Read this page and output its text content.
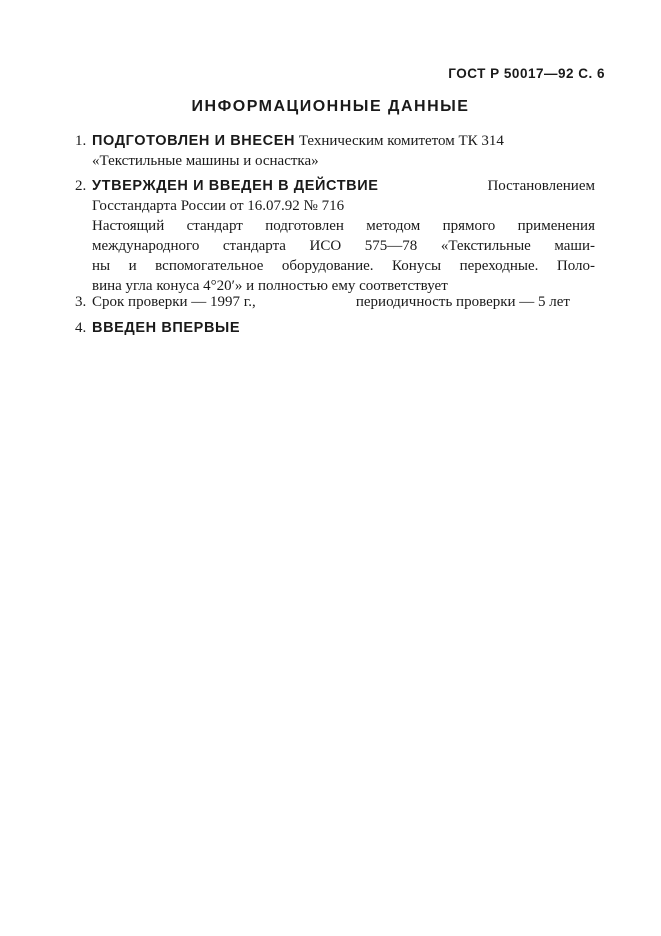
ГОСТ Р 50017—92 С. 6
ИНФОРМАЦИОННЫЕ ДАННЫЕ
1. ПОДГОТОВЛЕН И ВНЕСЕН Техническим комитетом ТК 314
«Текстильные машины и оснастка»
2. УТВЕРЖДЕН И ВВЕДЕН В ДЕЙСТВИЕ	Постановлением
Госстандарта России от 16.07.92 № 716
Настоящий стандарт подготовлен методом прямого применения
международного стандарта ИСО 575—78 «Текстильные маши-
ны и вспомогательное оборудование. Конусы переходные. Поло-
вина угла конуса 4°20′» и полностью ему соответствует
3. Срок проверки — 1997 г.,	периодичность проверки — 5 лет
4. ВВЕДЕН ВПЕРВЫЕ
